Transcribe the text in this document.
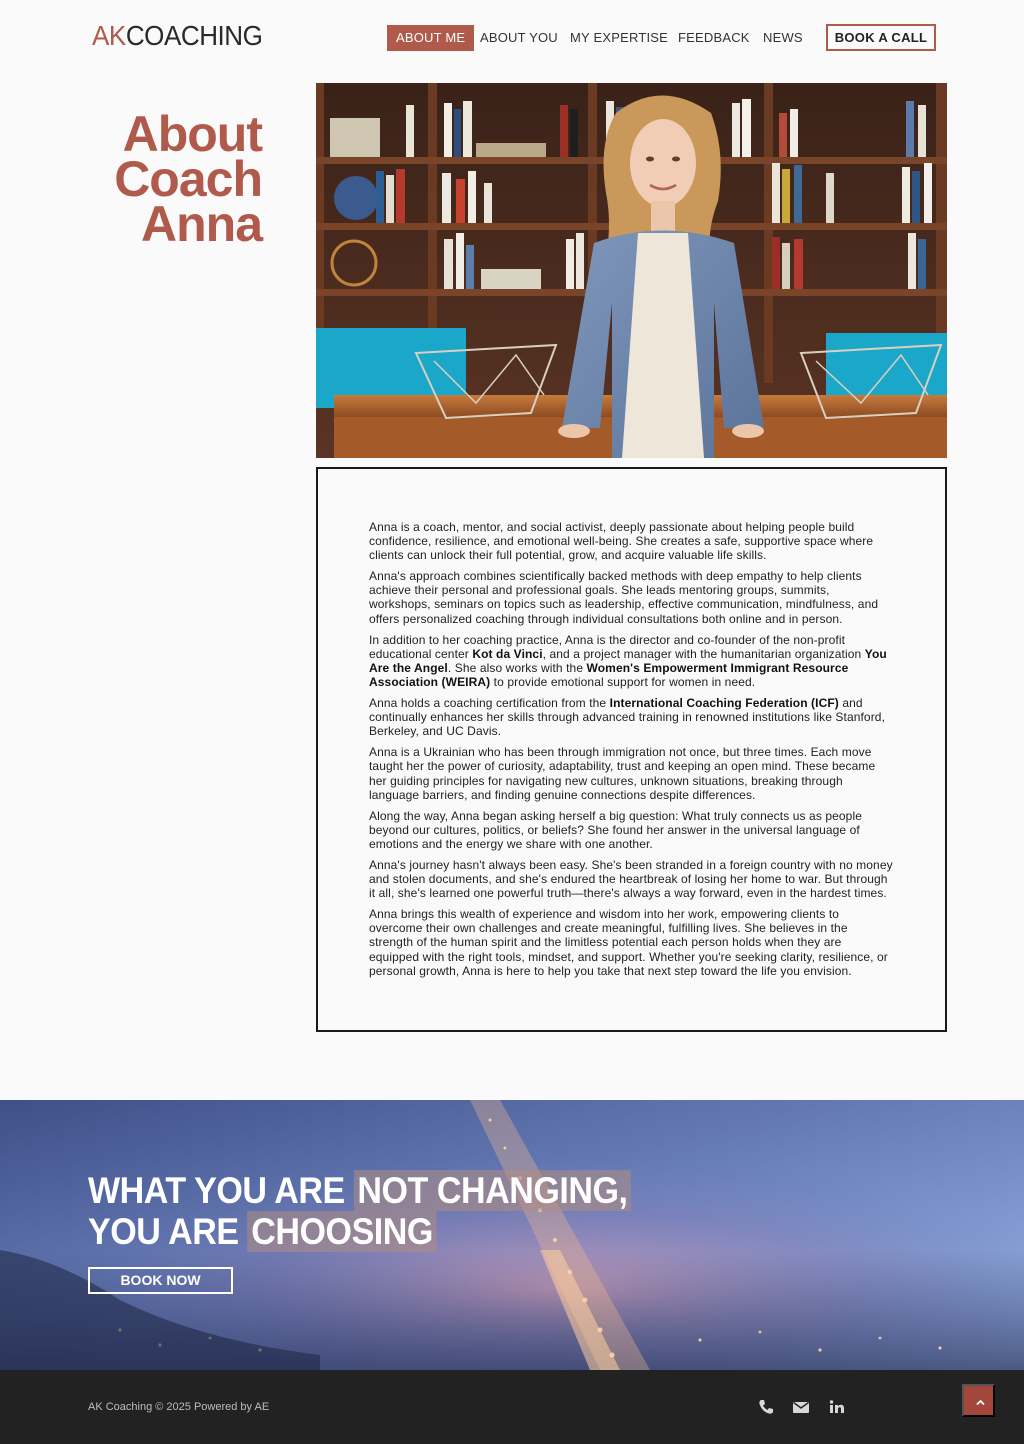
AKCOACHING	ABOUT ME	ABOUT YOU MY EXPERTISE FEEDBACK NEWS	BOOK A CALL
About
Coach
Anna

Anna is a coach, mentor, and social activist, deeply passionate about helping people build confidence, resilience, and emotional well-being. She creates a safe, supportive space where clients can unlock their full potential, grow, and acquire valuable life skills.

Anna's approach combines scientifically backed methods with deep empathy to help clients achieve their personal and professional goals. She leads mentoring groups, summits, workshops, seminars on topics such as leadership, effective communication, mindfulness, and offers personalized coaching through individual consultations both online and in person.

In addition to her coaching practice, Anna is the director and co-founder of the non-profit educational center Kot da Vinci, and a project manager with the humanitarian organization You Are the Angel. She also works with the Women's Empowerment Immigrant Resource Association (WEIRA) to provide emotional support for women in need.

Anna holds a coaching certification from the International Coaching Federation (ICF) and continually enhances her skills through advanced training in renowned institutions like Stanford, Berkeley, and UC Davis.

Anna is a Ukrainian who has been through immigration not once, but three times. Each move taught her the power of curiosity, adaptability, trust and keeping an open mind. These became her guiding principles for navigating new cultures, unknown situations, breaking through language barriers, and finding genuine connections despite differences.

Along the way, Anna began asking herself a big question: What truly connects us as people beyond our cultures, politics, or beliefs? She found her answer in the universal language of emotions and the energy we share with one another.

Anna's journey hasn't always been easy. She's been stranded in a foreign country with no money and stolen documents, and she's endured the heartbreak of losing her home to war. But through it all, she's learned one powerful truth—there's always a way forward, even in the hardest times.

Anna brings this wealth of experience and wisdom into her work, empowering clients to overcome their own challenges and create meaningful, fulfilling lives. She believes in the strength of the human spirit and the limitless potential each person holds when they are equipped with the right tools, mindset, and support. Whether you're seeking clarity, resilience, or personal growth, Anna is here to help you take that next step toward the life you envision.

WHAT YOU ARE NOT CHANGING,
YOU ARE CHOOSING
BOOK NOW
AK Coaching © 2025 Powered by AE
